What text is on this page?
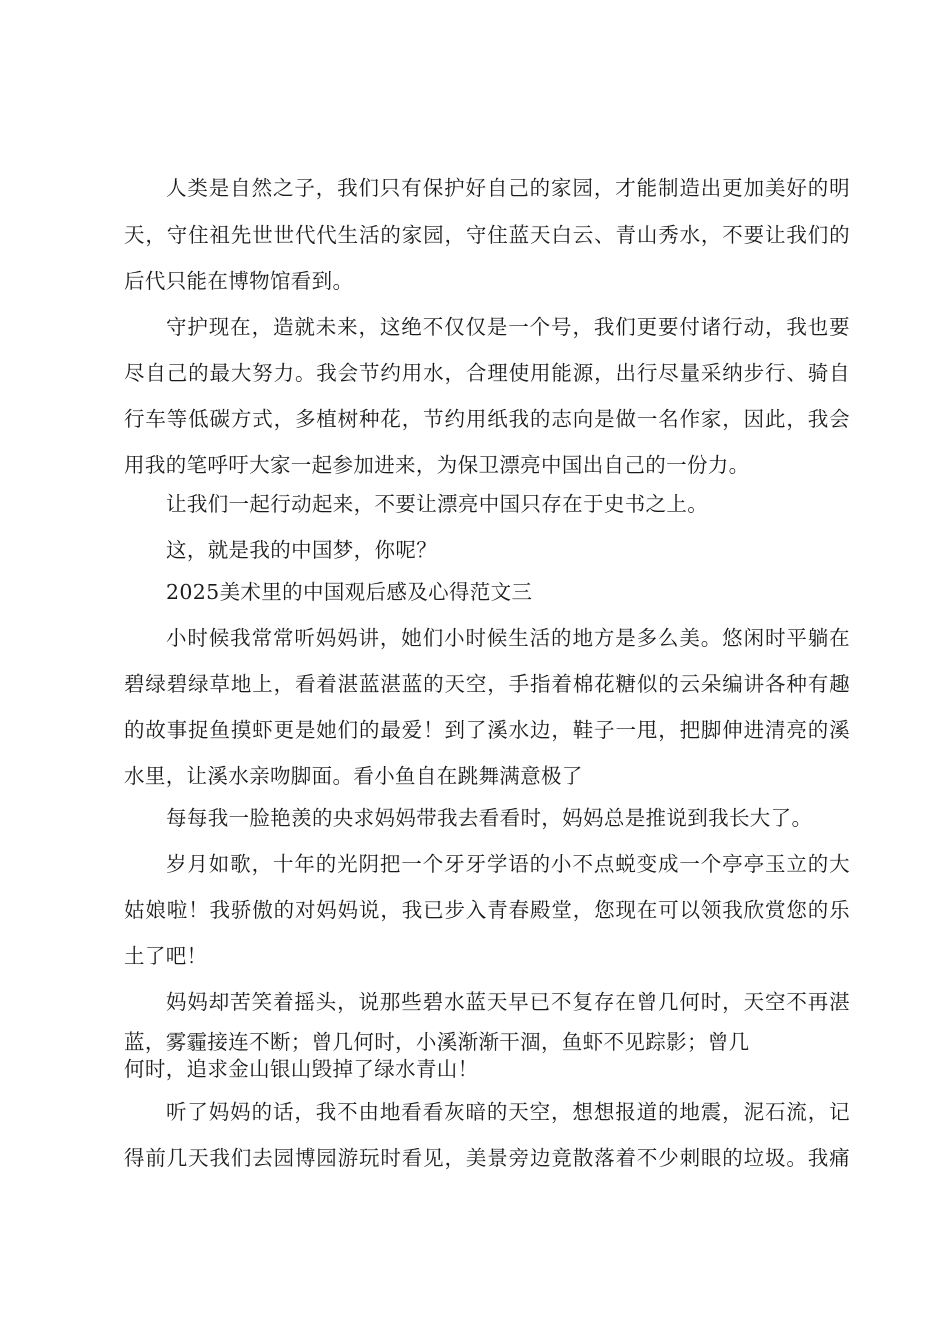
人类是自然之子，我们只有保护好自己的家园，才能制造出更加美好的明
天，守住祖先世世代代生活的家园，守住蓝天白云、青山秀水，不要让我们的
后代只能在博物馆看到。
守护现在，造就未来，这绝不仅仅是一个号，我们更要付诸行动，我也要
尽自己的最大努力。我会节约用水，合理使用能源，出行尽量采纳步行、骑自
行车等低碳方式，多植树种花，节约用纸我的志向是做一名作家，因此，我会
用我的笔呼吁大家一起参加进来，为保卫漂亮中国出自己的一份力。
让我们一起行动起来，不要让漂亮中国只存在于史书之上。
这，就是我的中国梦，你呢？
2025美术里的中国观后感及心得范文三
小时候我常常听妈妈讲，她们小时候生活的地方是多么美。悠闲时平躺在
碧绿碧绿草地上，看着湛蓝湛蓝的天空，手指着棉花糖似的云朵编讲各种有趣
的故事捉鱼摸虾更是她们的最爱！到了溪水边，鞋子一甩，把脚伸进清亮的溪
水里，让溪水亲吻脚面。看小鱼自在跳舞满意极了
每每我一脸艳羡的央求妈妈带我去看看时，妈妈总是推说到我长大了。
岁月如歌，十年的光阴把一个牙牙学语的小不点蜕变成一个亭亭玉立的大
姑娘啦！我骄傲的对妈妈说，我已步入青春殿堂，您现在可以领我欣赏您的乐
土了吧！
妈妈却苦笑着摇头，说那些碧水蓝天早已不复存在曾几何时，天空不再湛
蓝，雾霾接连不断；曾几何时，小溪渐渐干涸，鱼虾不见踪影；曾几
何时，追求金山银山毁掉了绿水青山！
听了妈妈的话，我不由地看看灰暗的天空，想想报道的地震，泥石流，记
得前几天我们去园博园游玩时看见，美景旁边竟散落着不少刺眼的垃圾。我痛
